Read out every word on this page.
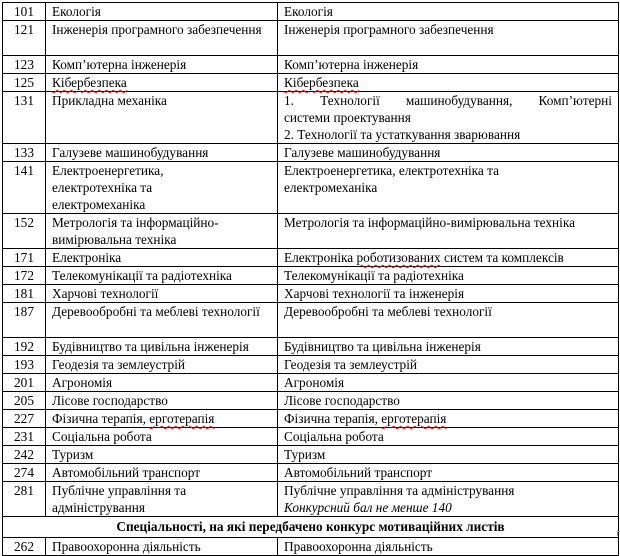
101	Екологія	Екологія
121	Інженерія програмного забезпечення	Інженерія програмного забезпечення
123	Комп’ютерна інженерія	Комп’ютерна інженерія
125	Кібербезпека	Кібербезпека
131	Прикладна механіка	1. Технології машинобудування, Комп’ютерні
системи проектування
2. Технології та устаткування зварювання

133	Галузеве машинобудування	Галузеве машинобудування
141	Електроенергетика, електротехніка та електромеханіка	Електроенергетика, електротехніка та електромеханіка
152	Метрологія та інформаційно-вимірювальна техніка	Метрологія та інформаційно-вимірювальна техніка
171	Електроніка	Електроніка роботизованих систем та комплексів
172	Телекомунікації та радіотехніка	Телекомунікації та радіотехніка
181	Харчові технології	Харчові технології та інженерія
187	Деревообробні та меблеві технології	Деревообробні та меблеві технології
192	Будівництво та цивільна інженерія	Будівництво та цивільна інженерія
193	Геодезія та землеустрій	Геодезія та землеустрій
201	Агрономія	Агрономія
205	Лісове господарство	Лісове господарство
227	Фізична терапія, ерготерапія	Фізична терапія, ерготерапія
231	Соціальна робота	Соціальна робота
242	Туризм	Туризм
274	Автомобільний транспорт	Автомобільний транспорт
281	Публічне управління та адміністрування	Публічне управління та адміністрування
Конкурсний бал не менше 140

Спеціальності, на які передбачено конкурс мотиваційних листів		
262	Правоохоронна діяльність	Правоохоронна діяльність
